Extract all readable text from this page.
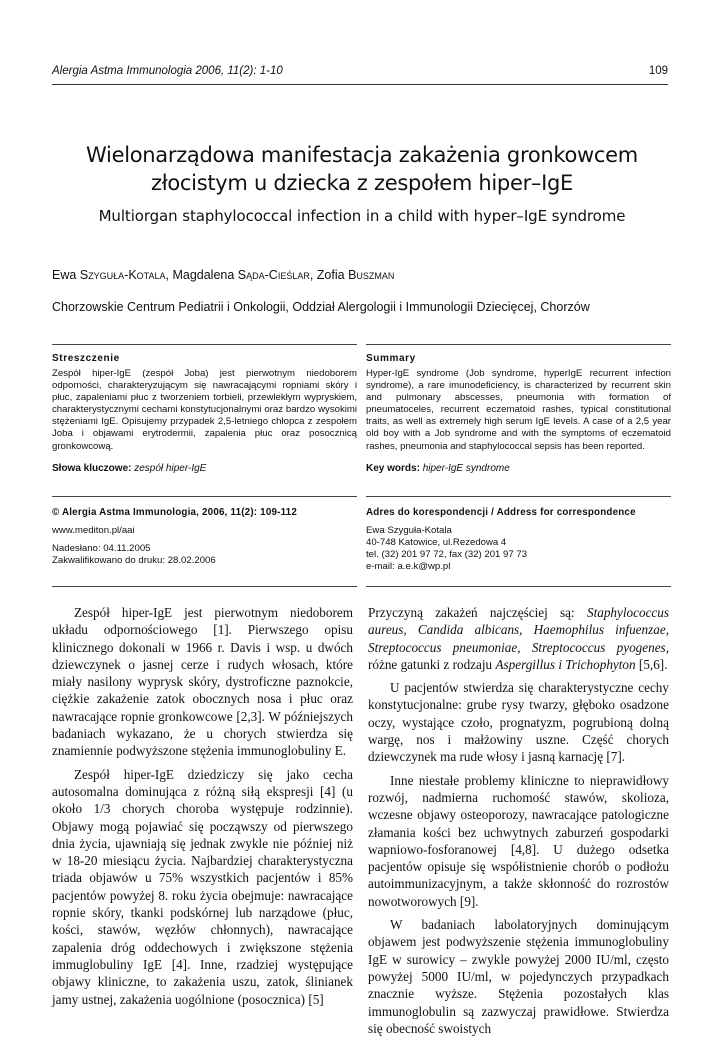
Alergia Astma Immunologia 2006, 11(2): 1-10	109
Wielonarządowa manifestacja zakażenia gronkowcem
złocistym u dziecka z zespołem hiper–IgE
Multiorgan staphylococcal infection in a child with hyper–IgE syndrome
Ewa Szyguła-Kotala, Magdalena Sąda-Cieślar, Zofia Buszman
Chorzowskie Centrum Pediatrii i Onkologii, Oddział Alergologii i Immunologii Dziecięcej, Chorzów
Streszczenie
Zespół hiper-IgE (zespół Joba) jest pierwotnym niedoborem odporności, charakteryzującym się nawracającymi ropniami skóry i płuc, zapaleniami płuc z tworzeniem torbieli, przewlekłym wypryskiem, charakterystycznymi cechami konstytucjonalnymi oraz bardzo wysokimi stężeniami IgE. Opisujemy przypadek 2,5-letniego chłopca z zespołem Joba i objawami erytrodermii, zapalenia płuc oraz posocznicą gronkowcową.
Słowa kluczowe: zespół hiper-IgE
Summary
Hyper-IgE syndrome (Job syndrome, hyperIgE recurrent infection syndrome), a rare imunodeficiency, is characterized by recurrent skin and pulmonary abscesses, pneumonia with formation of pneumatoceles, recurrent eczematoid rashes, typical constitutional traits, as well as extremely high serum IgE levels. A case of a 2,5 year old boy with a Job syndrome and with the symptoms of eczematoid rashes, pneumonia and staphylococcal sepsis has been reported.
Key words: hiper-IgE syndrome
© Alergia Astma Immunologia, 2006, 11(2): 109-112
www.mediton.pl/aai
Nadesłano: 04.11.2005
Zakwalifikowano do druku: 28.02.2006
Adres do korespondencji / Address for correspondence
Ewa Szyguła-Kotala
40-748 Katowice, ul.Rezedowa 4
tel. (32) 201 97 72, fax (32) 201 97 73
e-mail: a.e.k@wp.pl

Zespół hiper-IgE jest pierwotnym niedoborem układu odpornościowego [1]. Pierwszego opisu klinicznego dokonali w 1966 r. Davis i wsp. u dwóch dziewczynek o jasnej cerze i rudych włosach, które miały nasilony wyprysk skóry, dystroficzne paznokcie, ciężkie zakażenie zatok obocznych nosa i płuc oraz nawracające ropnie gronkowcowe [2,3]. W późniejszych badaniach wykazano, że u chorych stwierdza się znamiennie podwyższone stężenia immunoglobuliny E.

Zespół hiper-IgE dziedziczy się jako cecha autosomalna dominująca z różną siłą ekspresji [4] (u około 1/3 chorych choroba występuje rodzinnie). Objawy mogą pojawiać się począwszy od pierwszego dnia życia, ujawniają się jednak zwykle nie później niż w 18-20 miesiącu życia. Najbardziej charakterystyczna triada objawów u 75% wszystkich pacjentów i 85% pacjentów powyżej 8. roku życia obejmuje: nawracające ropnie skóry, tkanki podskórnej lub narządowe (płuc, kości, stawów, węzłów chłonnych), nawracające zapalenia dróg oddechowych i zwiększone stężenia immuglobuliny IgE [4]. Inne, rzadziej występujące objawy kliniczne, to zakażenia uszu, zatok, ślinianek jamy ustnej, zakażenia uogólnione (posocznica) [5]

Przyczyną zakażeń najczęściej są: Staphylococcus aureus, Candida albicans, Haemophilus infuenzae, Streptococcus pneumoniae, Streptococcus pyogenes, różne gatunki z rodzaju Aspergillus i Trichophyton [5,6].

U pacjentów stwierdza się charakterystyczne cechy konstytucjonalne: grube rysy twarzy, głęboko osadzone oczy, wystające czoło, prognatyzm, pogrubioną dolną wargę, nos i małżowiny uszne. Część chorych dziewczynek ma rude włosy i jasną karnację [7].

Inne niestałe problemy kliniczne to nieprawidłowy rozwój, nadmierna ruchomość stawów, skolioza, wczesne objawy osteoporozy, nawracające patologiczne złamania kości bez uchwytnych zaburzeń gospodarki wapniowo-fosforanowej [4,8]. U dużego odsetka pacjentów opisuje się współistnienie chorób o podłożu autoimmunizacyjnym, a także skłonność do rozrostów nowotworowych [9].

W badaniach labolatoryjnych dominującym objawem jest podwyższenie stężenia immunoglobuliny IgE w surowicy – zwykle powyżej 2000 IU/ml, często powyżej 5000 IU/ml, w pojedynczych przypadkach znacznie wyższe. Stężenia pozostałych klas immunoglobulin są zazwyczaj prawidłowe. Stwierdza się obecność swoistych
